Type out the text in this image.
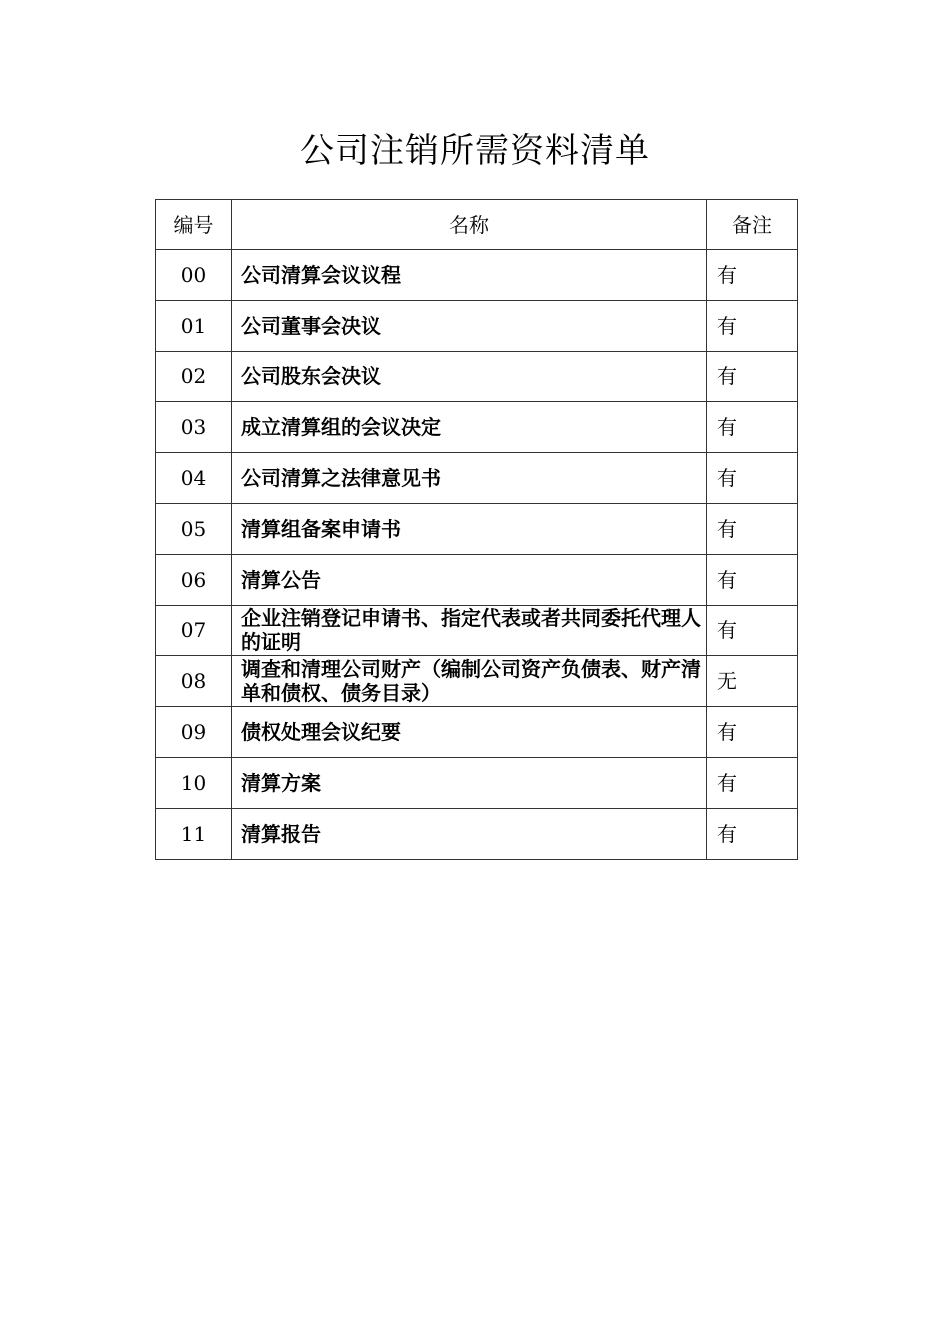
公司注销所需资料清单
编号	名称	备注
00	公司清算会议议程	有
01	公司董事会决议	有
02	公司股东会决议	有
03	成立清算组的会议决定	有
04	公司清算之法律意见书	有
05	清算组备案申请书	有
06	清算公告	有
07	企业注销登记申请书、指定代表或者共同委托代理人的证明	有
08	调查和清理公司财产（编制公司资产负债表、财产清单和债权、债务目录）	无
09	债权处理会议纪要	有
10	清算方案	有
11	清算报告	有
